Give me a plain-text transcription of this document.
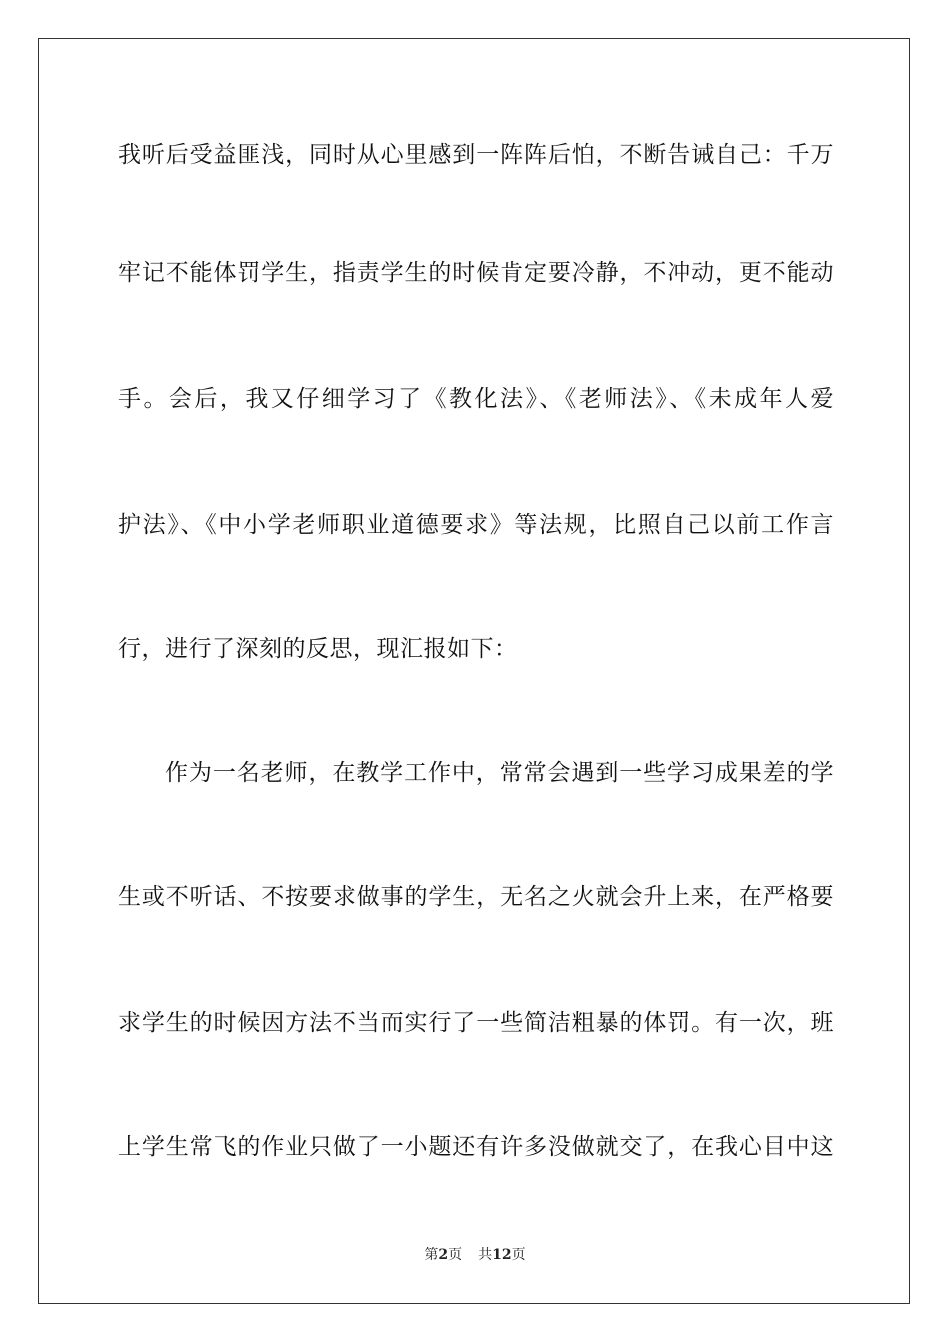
我听后受益匪浅，同时从心里感到一阵阵后怕，不断告诫自己：千万
牢记不能体罚学生，指责学生的时候肯定要冷静，不冲动，更不能动
手。会后，我又仔细学习了《教化法》、《老师法》、《未成年人爱
护法》、《中小学老师职业道德要求》等法规，比照自己以前工作言
行，进行了深刻的反思，现汇报如下：
作为一名老师，在教学工作中，常常会遇到一些学习成果差的学
生或不听话、不按要求做事的学生，无名之火就会升上来，在严格要
求学生的时候因方法不当而实行了一些简洁粗暴的体罚。有一次，班
上学生常飞的作业只做了一小题还有许多没做就交了，在我心目中这
第2页 共12页
